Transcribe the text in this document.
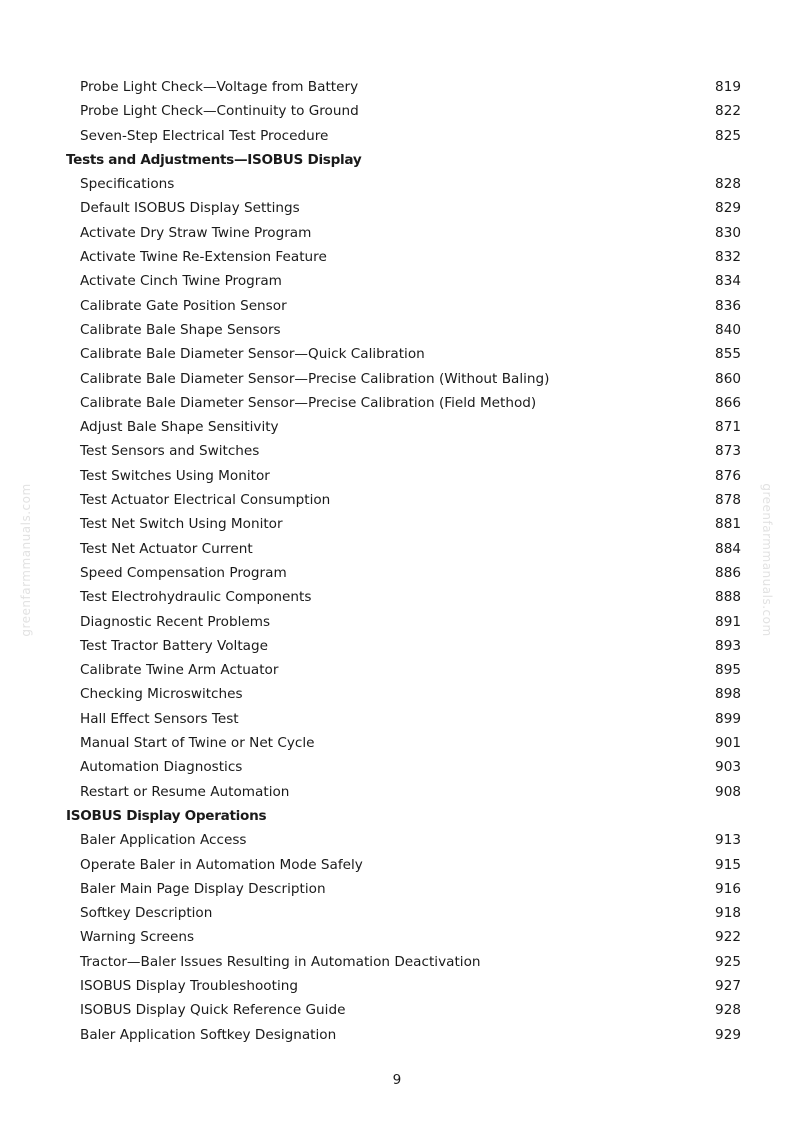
Probe Light Check—Voltage from Battery	819
Probe Light Check—Continuity to Ground	822
Seven-Step Electrical Test Procedure	825
Tests and Adjustments—ISOBUS Display
Specifications	828
Default ISOBUS Display Settings	829
Activate Dry Straw Twine Program	830
Activate Twine Re-Extension Feature	832
Activate Cinch Twine Program	834
Calibrate Gate Position Sensor	836
Calibrate Bale Shape Sensors	840
Calibrate Bale Diameter Sensor—Quick Calibration	855
Calibrate Bale Diameter Sensor—Precise Calibration (Without Baling)	860
Calibrate Bale Diameter Sensor—Precise Calibration (Field Method)	866
Adjust Bale Shape Sensitivity	871
Test Sensors and Switches	873
Test Switches Using Monitor	876
Test Actuator Electrical Consumption	878
Test Net Switch Using Monitor	881
Test Net Actuator Current	884
Speed Compensation Program	886
Test Electrohydraulic Components	888
Diagnostic Recent Problems	891
Test Tractor Battery Voltage	893
Calibrate Twine Arm Actuator	895
Checking Microswitches	898
Hall Effect Sensors Test	899
Manual Start of Twine or Net Cycle	901
Automation Diagnostics	903
Restart or Resume Automation	908
ISOBUS Display Operations
Baler Application Access	913
Operate Baler in Automation Mode Safely	915
Baler Main Page Display Description	916
Softkey Description	918
Warning Screens	922
Tractor—Baler Issues Resulting in Automation Deactivation	925
ISOBUS Display Troubleshooting	927
ISOBUS Display Quick Reference Guide	928
Baler Application Softkey Designation	929
9
greenfarmmanuals.com	greenfarmmanuals.com
